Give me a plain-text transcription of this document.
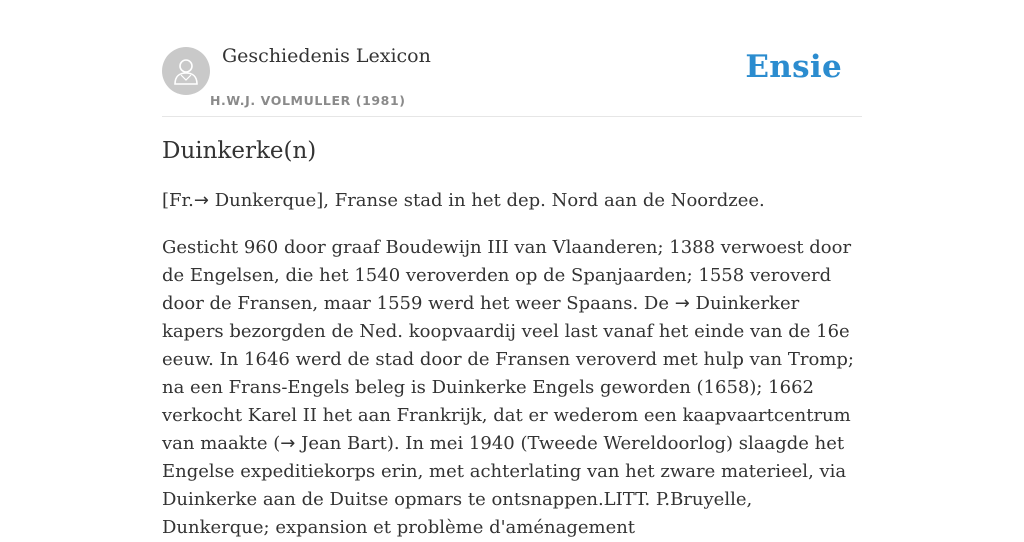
Geschiedenis Lexicon
H.W.J. VOLMULLER (1981)
Ensie
Duinkerke(n)

[Fr.→ Dunkerque], Franse stad in het dep. Nord aan de Noordzee.

Gesticht 960 door graaf Boudewijn III van Vlaanderen; 1388 verwoest door de Engelsen, die het 1540 veroverden op de Spanjaarden; 1558 veroverd door de Fransen, maar 1559 werd het weer Spaans. De → Duinkerker kapers bezorgden de Ned. koopvaardij veel last vanaf het einde van de 16e eeuw. In 1646 werd de stad door de Fransen veroverd met hulp van Tromp; na een Frans-Engels beleg is Duinkerke Engels geworden (1658); 1662 verkocht Karel II het aan Frankrijk, dat er wederom een kaapvaartcentrum van maakte (→ Jean Bart). In mei 1940 (Tweede Wereldoorlog) slaagde het Engelse expeditiekorps erin, met achterlating van het zware materieel, via Duinkerke aan de Duitse opmars te ontsnappen.LITT. P.Bruyelle, Dunkerque; expansion et problème d'aménagement
